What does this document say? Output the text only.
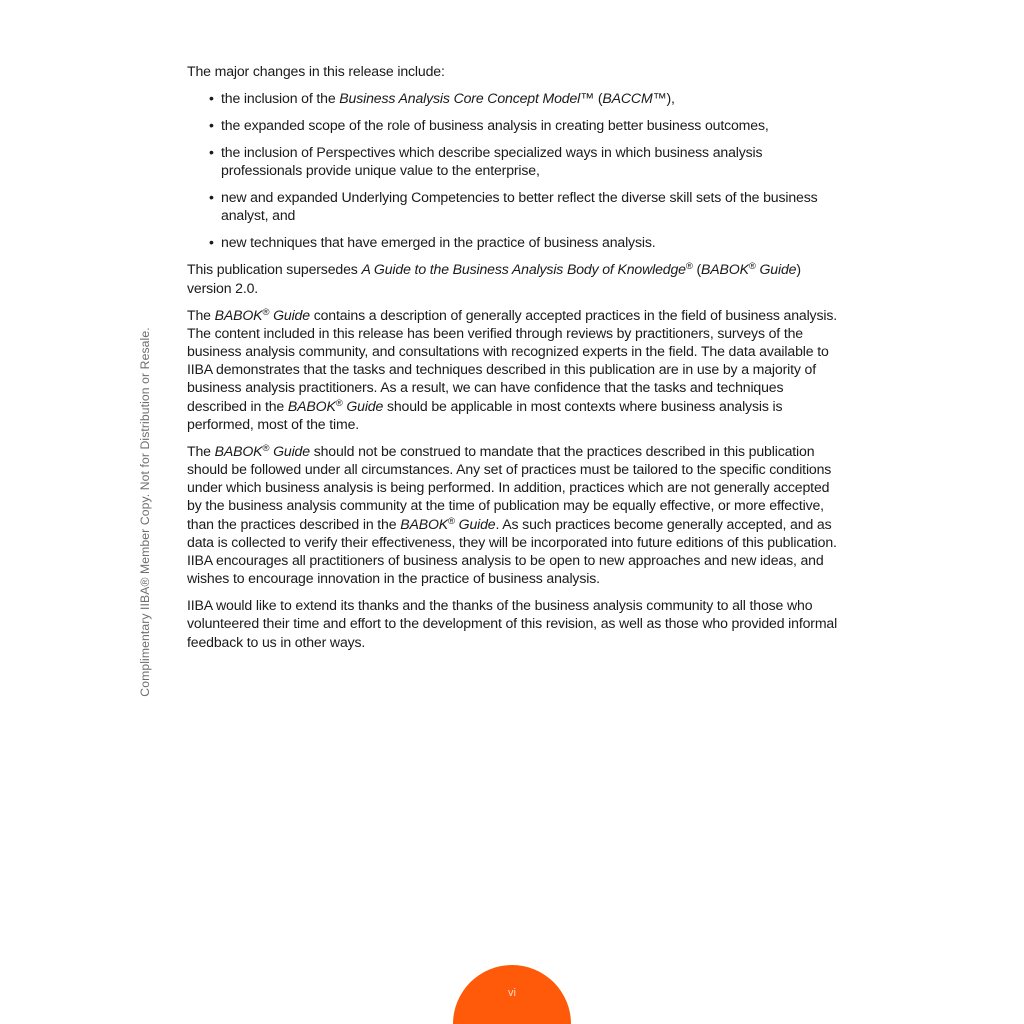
Complimentary IIBA® Member Copy. Not for Distribution or Resale.

The major changes in this release include:

• the inclusion of the Business Analysis Core Concept Model™ (BACCM™),
• the expanded scope of the role of business analysis in creating better business outcomes,
• the inclusion of Perspectives which describe specialized ways in which business analysis professionals provide unique value to the enterprise,
• new and expanded Underlying Competencies to better reflect the diverse skill sets of the business analyst, and
• new techniques that have emerged in the practice of business analysis.

This publication supersedes A Guide to the Business Analysis Body of Knowledge® (BABOK® Guide) version 2.0.

The BABOK® Guide contains a description of generally accepted practices in the field of business analysis. The content included in this release has been verified through reviews by practitioners, surveys of the business analysis community, and consultations with recognized experts in the field. The data available to IIBA demonstrates that the tasks and techniques described in this publication are in use by a majority of business analysis practitioners. As a result, we can have confidence that the tasks and techniques described in the BABOK® Guide should be applicable in most contexts where business analysis is performed, most of the time.

The BABOK® Guide should not be construed to mandate that the practices described in this publication should be followed under all circumstances. Any set of practices must be tailored to the specific conditions under which business analysis is being performed. In addition, practices which are not generally accepted by the business analysis community at the time of publication may be equally effective, or more effective, than the practices described in the BABOK® Guide. As such practices become generally accepted, and as data is collected to verify their effectiveness, they will be incorporated into future editions of this publication. IIBA encourages all practitioners of business analysis to be open to new approaches and new ideas, and wishes to encourage innovation in the practice of business analysis.

IIBA would like to extend its thanks and the thanks of the business analysis community to all those who volunteered their time and effort to the development of this revision, as well as those who provided informal feedback to us in other ways.

vi
